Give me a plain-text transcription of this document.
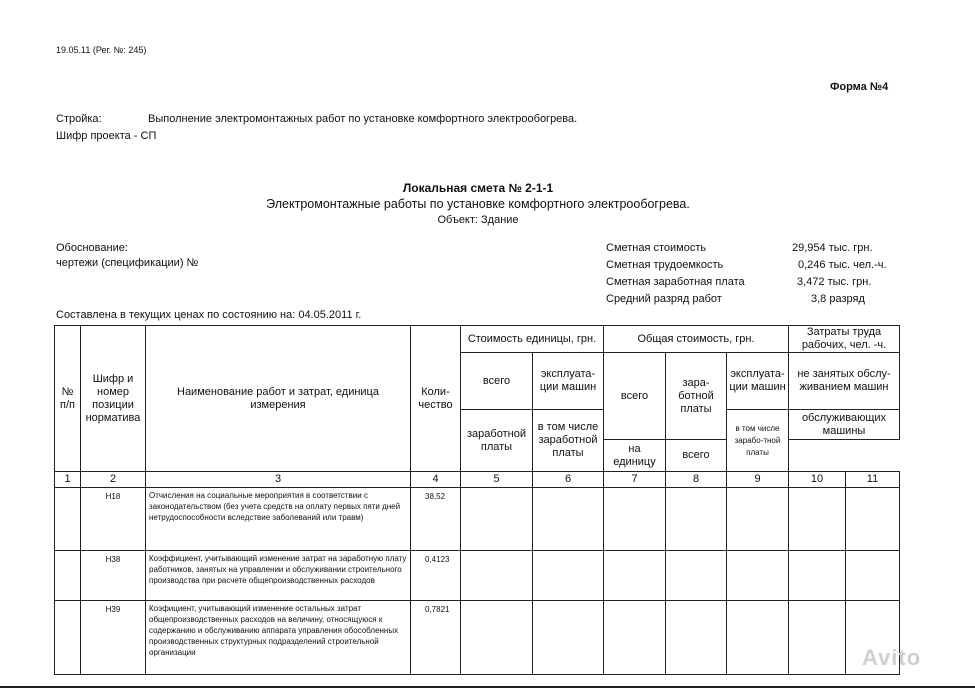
19.05.11 (Рег. №: 245)
Форма №4
Стройка:	Выполнение электромонтажных работ по установке комфортного электрообогрева.
Шифр проекта - СП
Локальная смета № 2-1-1
Электромонтажные работы по установке комфортного электрообогрева.
Объект: Здание
Обоснование:
чертежи (спецификации) №
Сметная стоимость	29,954 тыс. грн.
Сметная трудоемкость	0,246 тыс. чел.-ч.
Сметная заработная плата	3,472 тыс. грн.
Средний разряд работ	3,8 разряд
Составлена в текущих ценах по состоянию на: 04.05.2011 г.
№ п/п	Шифр и номер позиции норматива	Наименование работ и затрат, единица измерения	Коли-чество	Стоимость единицы, грн.		Общая стоимость, грн.			Затраты труда рабочих, чел. -ч.	
				всего	эксплуата-ции машин	всего	зара-ботной платы	эксплуата-ции машин	не занятых обслу-живанием машин	
				заработной платы	в том числе заработной платы			в том числе зарабо-тной платы	обслуживающих машины	
						на единицу	всего			
1	2	3	4	5	6	7	8	9	10	11
	Н18	Отчисления на социальные мероприятия в соответствии с законодательством (без учета средств на оплату первых пяти дней нетрудоспособности вследствие заболеваний или травм)	38,52							
	Н38	Коэффициент, учитывающий изменение затрат на заработную плату работников, занятых на управлении и обслуживании строительного производства при расчете общепроизводственных расходов	0,4123							
	Н39	Коэфициент, учитывающий изменение остальных затрат общепроизводственных расходов на величину, относящуюся к содержанию и обслуживанию аппарата управления обособленных производственных структурных подразделений строительной организации	0,7821							
Avito
